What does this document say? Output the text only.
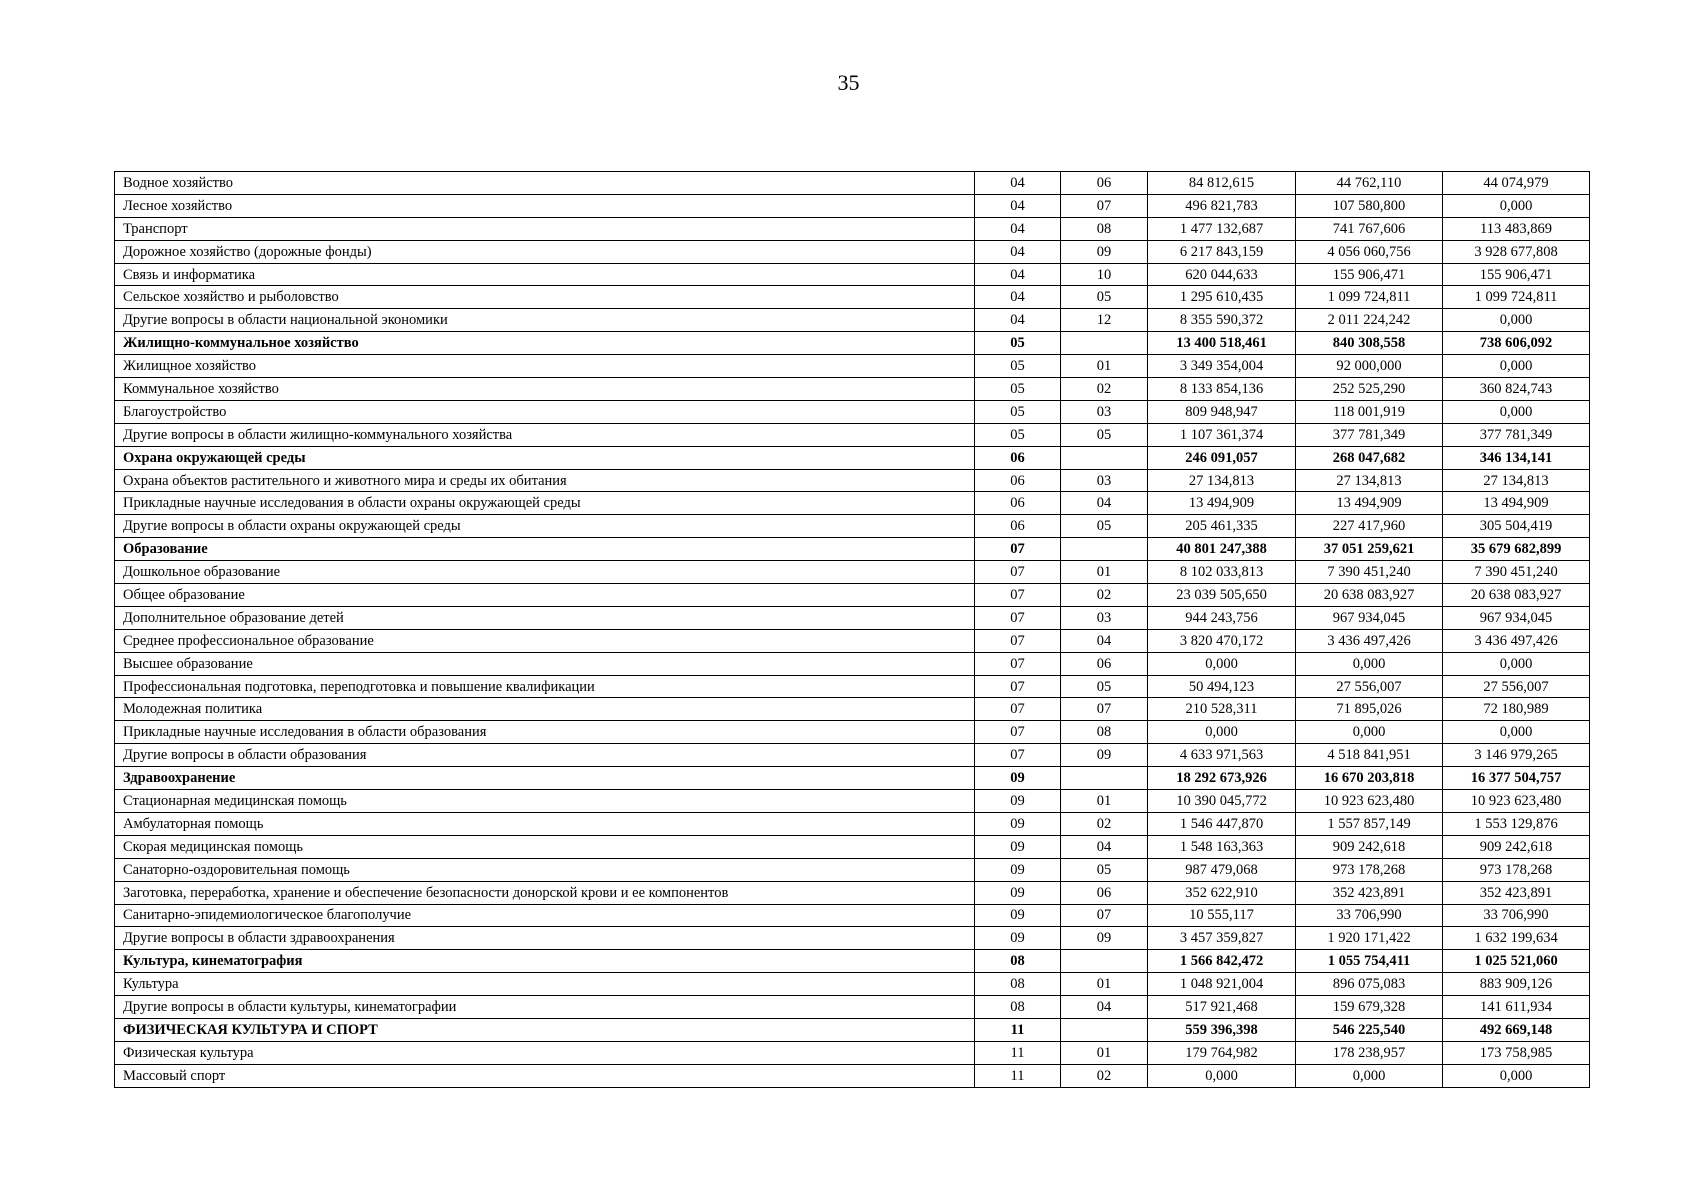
35
Водное хозяйство	04	06	84 812,615	44 762,110	44 074,979
Лесное хозяйство	04	07	496 821,783	107 580,800	0,000
Транспорт	04	08	1 477 132,687	741 767,606	113 483,869
Дорожное хозяйство (дорожные фонды)	04	09	6 217 843,159	4 056 060,756	3 928 677,808
Связь и информатика	04	10	620 044,633	155 906,471	155 906,471
Сельское хозяйство и рыболовство	04	05	1 295 610,435	1 099 724,811	1 099 724,811
Другие вопросы в области национальной экономики	04	12	8 355 590,372	2 011 224,242	0,000
Жилищно-коммунальное хозяйство	05		13 400 518,461	840 308,558	738 606,092
Жилищное хозяйство	05	01	3 349 354,004	92 000,000	0,000
Коммунальное хозяйство	05	02	8 133 854,136	252 525,290	360 824,743
Благоустройство	05	03	809 948,947	118 001,919	0,000
Другие вопросы в области жилищно-коммунального хозяйства	05	05	1 107 361,374	377 781,349	377 781,349
Охрана окружающей среды	06		246 091,057	268 047,682	346 134,141
Охрана объектов растительного и животного мира и среды их обитания	06	03	27 134,813	27 134,813	27 134,813
Прикладные научные исследования в области охраны окружающей среды	06	04	13 494,909	13 494,909	13 494,909
Другие вопросы в области охраны окружающей среды	06	05	205 461,335	227 417,960	305 504,419
Образование	07		40 801 247,388	37 051 259,621	35 679 682,899
Дошкольное образование	07	01	8 102 033,813	7 390 451,240	7 390 451,240
Общее образование	07	02	23 039 505,650	20 638 083,927	20 638 083,927
Дополнительное образование детей	07	03	944 243,756	967 934,045	967 934,045
Среднее профессиональное образование	07	04	3 820 470,172	3 436 497,426	3 436 497,426
Высшее образование	07	06	0,000	0,000	0,000
Профессиональная подготовка, переподготовка и повышение квалификации	07	05	50 494,123	27 556,007	27 556,007
Молодежная политика	07	07	210 528,311	71 895,026	72 180,989
Прикладные научные исследования в области образования	07	08	0,000	0,000	0,000
Другие вопросы в области образования	07	09	4 633 971,563	4 518 841,951	3 146 979,265
Здравоохранение	09		18 292 673,926	16 670 203,818	16 377 504,757
Стационарная медицинская помощь	09	01	10 390 045,772	10 923 623,480	10 923 623,480
Амбулаторная помощь	09	02	1 546 447,870	1 557 857,149	1 553 129,876
Скорая медицинская помощь	09	04	1 548 163,363	909 242,618	909 242,618
Санаторно-оздоровительная помощь	09	05	987 479,068	973 178,268	973 178,268
Заготовка, переработка, хранение и обеспечение безопасности донорской крови и ее компонентов	09	06	352 622,910	352 423,891	352 423,891
Санитарно-эпидемиологическое благополучие	09	07	10 555,117	33 706,990	33 706,990
Другие вопросы в области здравоохранения	09	09	3 457 359,827	1 920 171,422	1 632 199,634
Культура, кинематография	08		1 566 842,472	1 055 754,411	1 025 521,060
Культура	08	01	1 048 921,004	896 075,083	883 909,126
Другие вопросы в области культуры, кинематографии	08	04	517 921,468	159 679,328	141 611,934
ФИЗИЧЕСКАЯ КУЛЬТУРА И СПОРТ	11		559 396,398	546 225,540	492 669,148
Физическая культура	11	01	179 764,982	178 238,957	173 758,985
Массовый спорт	11	02	0,000	0,000	0,000
